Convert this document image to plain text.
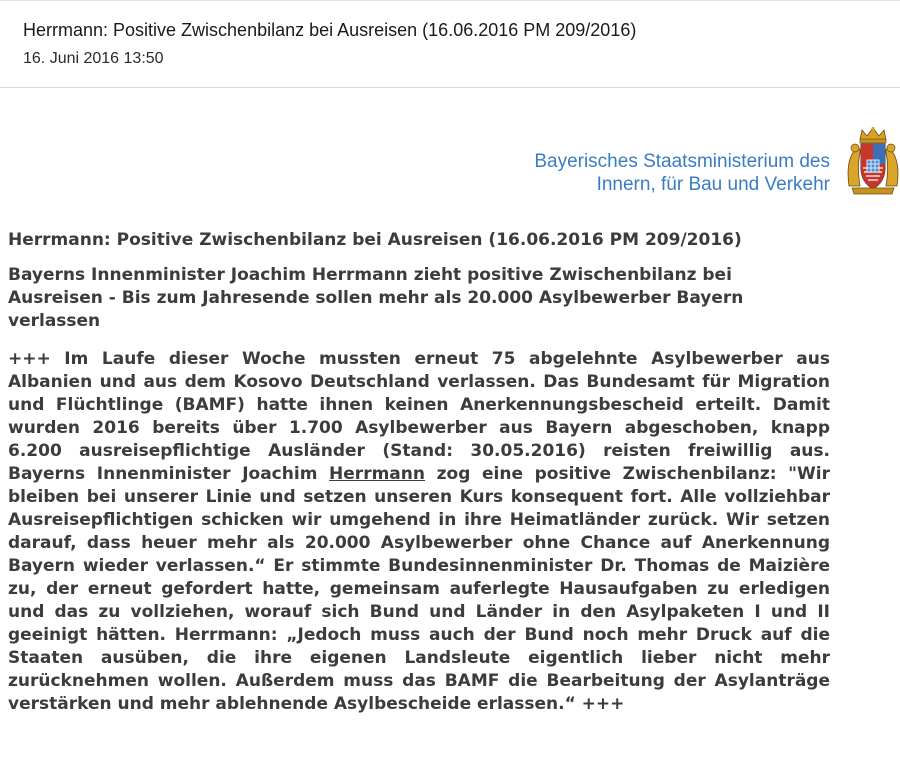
Herrmann: Positive Zwischenbilanz bei Ausreisen (16.06.2016 PM 209/2016)
16. Juni 2016 13:50
Bayerisches Staatsministerium des
Innern, für Bau und Verkehr
Herrmann: Positive Zwischenbilanz bei Ausreisen (16.06.2016 PM 209/2016)

Bayerns Innenminister Joachim Herrmann zieht positive Zwischenbilanz bei Ausreisen - Bis zum Jahresende sollen mehr als 20.000 Asylbewerber Bayern verlassen

+++ Im Laufe dieser Woche mussten erneut 75 abgelehnte Asylbewerber aus Albanien und aus dem Kosovo Deutschland verlassen. Das Bundesamt für Migration und Flüchtlinge (BAMF) hatte ihnen keinen Anerkennungsbescheid erteilt. Damit wurden 2016 bereits über 1.700 Asylbewerber aus Bayern abgeschoben, knapp 6.200 ausreisepflichtige Ausländer (Stand: 30.05.2016) reisten freiwillig aus. Bayerns Innenminister Joachim Herrmann zog eine positive Zwischenbilanz: "Wir bleiben bei unserer Linie und setzen unseren Kurs konsequent fort. Alle vollziehbar Ausreisepflichtigen schicken wir umgehend in ihre Heimatländer zurück. Wir setzen darauf, dass heuer mehr als 20.000 Asylbewerber ohne Chance auf Anerkennung Bayern wieder verlassen.“ Er stimmte Bundesinnenminister Dr. Thomas de Maizière zu, der erneut gefordert hatte, gemeinsam auferlegte Hausaufgaben zu erledigen und das zu vollziehen, worauf sich Bund und Länder in den Asylpaketen I und II geeinigt hätten. Herrmann: „Jedoch muss auch der Bund noch mehr Druck auf die Staaten ausüben, die ihre eigenen Landsleute eigentlich lieber nicht mehr zurücknehmen wollen. Außerdem muss das BAMF die Bearbeitung der Asylanträge verstärken und mehr ablehnende Asylbescheide erlassen.“ +++
